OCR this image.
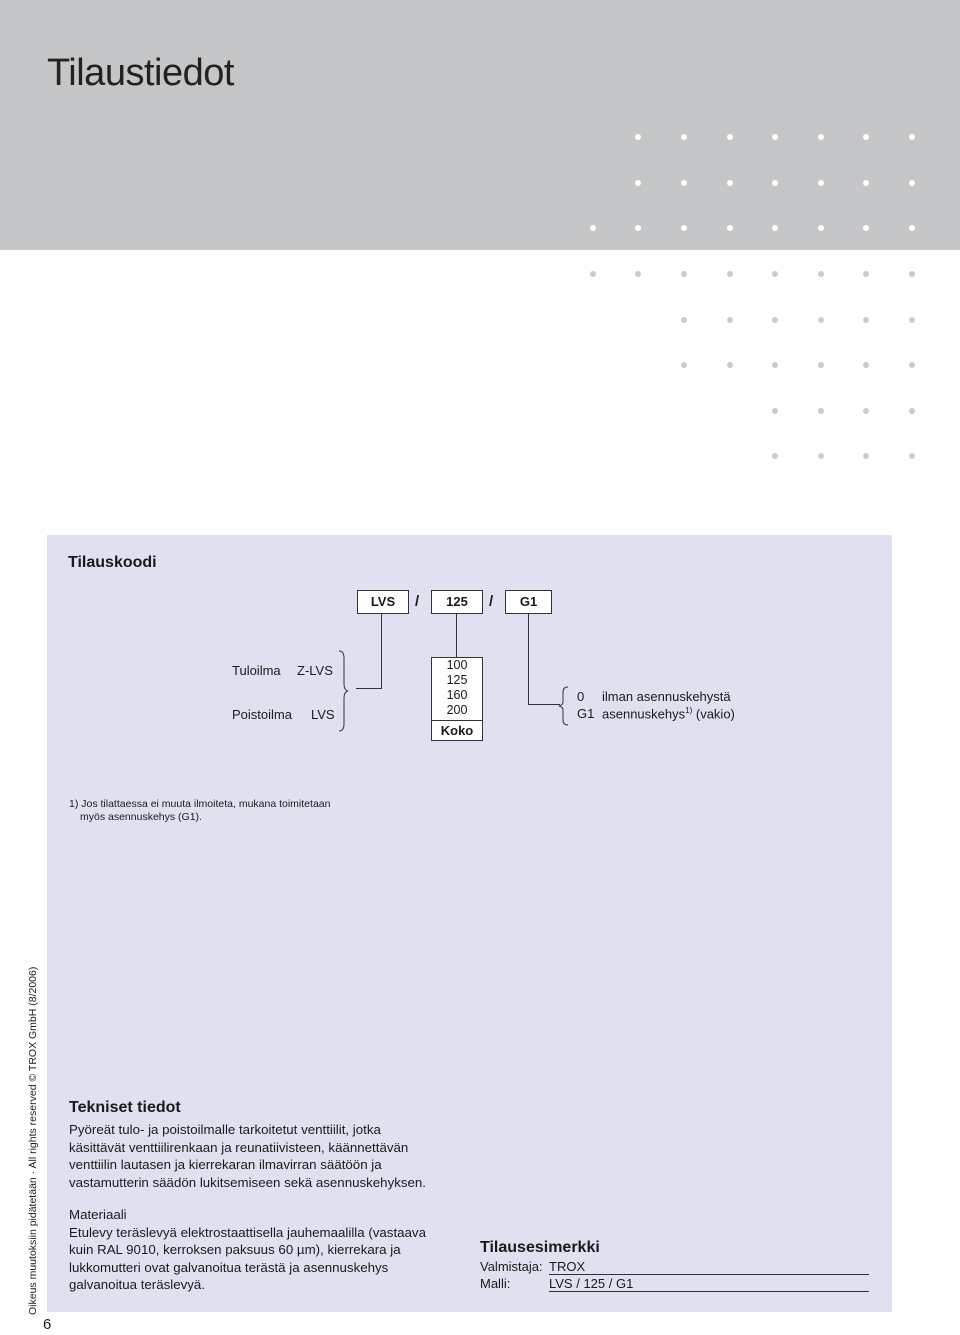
Tilaustiedot
Tilauskoodi
LVS	/	125	/	G1
Tuloilma Z-LVS
Poistoilma LVS
100
125
160
200
Koko
0 ilman asennuskehystä
G1 asennuskehys$^{1)}$ (vakio)
1) Jos tilattaessa ei muuta ilmoiteta, mukana toimitetaan
myös asennuskehys (G1).
Tekniset tiedot
Pyöreät tulo- ja poistoilmalle tarkoitetut venttiilit, jotka
käsittävät venttiilirenkaan ja reunatiivisteen, käännettävän
venttiilin lautasen ja kierrekaran ilmavirran säätöön ja
vastamutterin säädön lukitsemiseen sekä asennuskehyksen.
Materiaali
Etulevy teräslevyä elektrostaattisella jauhemaalilla (vastaava
kuin RAL 9010, kerroksen paksuus 60 µm), kierrekara ja
lukkomutteri ovat galvanoitua terästä ja asennuskehys
galvanoitua teräslevyä.
Tilausesimerkki
Valmistaja: TROX
Malli:	LVS / 125 / G1
Oikeus muutoksiin pidätetään · All rights reserved © TROX GmbH (8/2006)
6
